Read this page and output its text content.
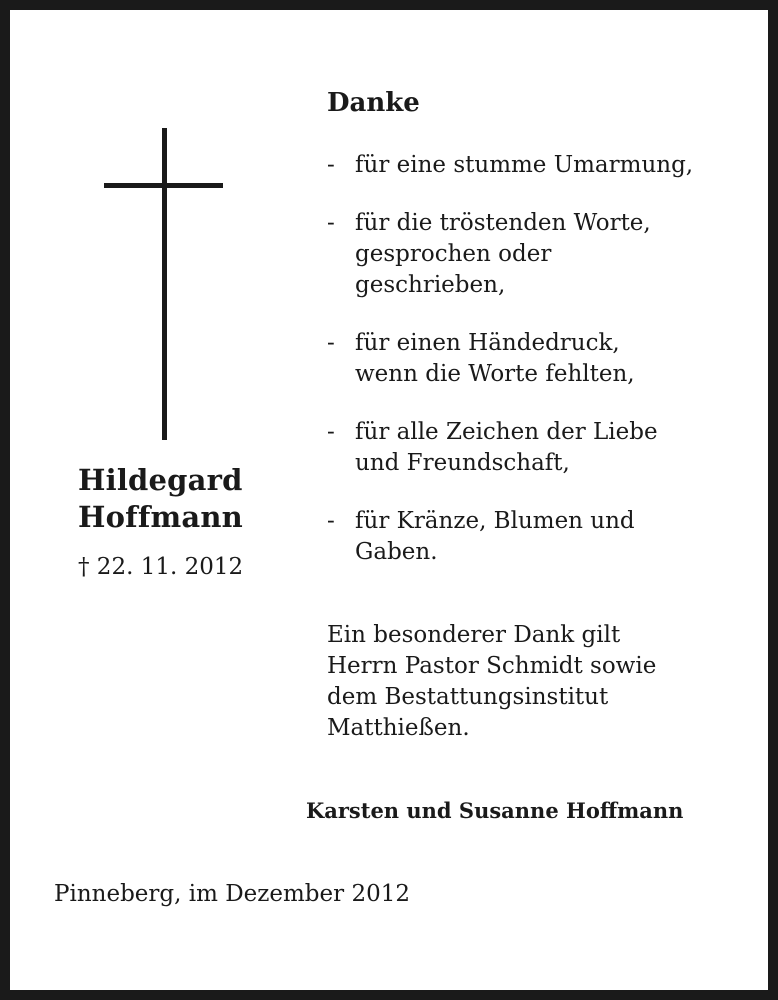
Hildegard
Hoffmann
† 22. 11. 2012
Danke
- für eine stumme Umarmung,
- für die tröstenden Worte,
gesprochen oder
geschrieben,
- für einen Händedruck,
wenn die Worte fehlten,
- für alle Zeichen der Liebe
und Freundschaft,
- für Kränze, Blumen und
Gaben.
Ein besonderer Dank gilt
Herrn Pastor Schmidt sowie
dem Bestattungsinstitut
Matthießen.
Karsten und Susanne Hoffmann
Pinneberg, im Dezember 2012
